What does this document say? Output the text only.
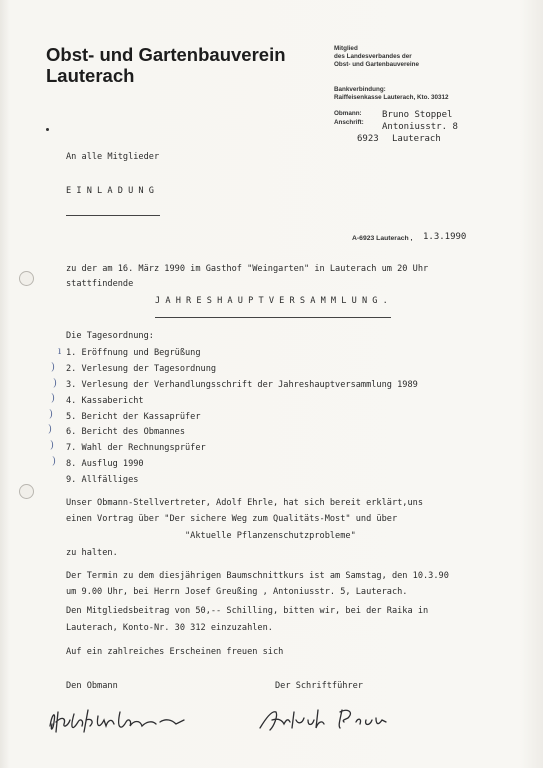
Obst- und Gartenbauverein
Lauterach
Mitglied
des Landesverbandes der
Obst- und Gartenbauvereine
Bankverbindung:
Raiffeisenkasse Lauterach, Kto. 30312
Obmann:
Anschrift:
Bruno Stoppel
Antoniusstr. 8
6923 Lauterach
An alle Mitglieder
E I N L A D U N G
A-6923 Lauterach , 1.3.1990
zu der am 16. März 1990 im Gasthof "Weingarten" in Lauterach um 20 Uhr
stattfindende
J A H R E S H A U P T V E R S A M M L U N G .
Die Tagesordnung:
1. Eröffnung und Begrüßung
2. Verlesung der Tagesordnung
3. Verlesung der Verhandlungsschrift der Jahreshauptversammlung 1989
4. Kassabericht
5. Bericht der Kassaprüfer
6. Bericht des Obmannes
7. Wahl der Rechnungsprüfer
8. Ausflug 1990
9. Allfälliges
ı
)
)
)
)
)
)
)
Unser Obmann-Stellvertreter, Adolf Ehrle, hat sich bereit erklärt,uns
einen Vortrag über "Der sichere Weg zum Qualitäts-Most" und über
"Aktuelle Pflanzenschutzprobleme"
zu halten.
Der Termin zu dem diesjährigen Baumschnittkurs ist am Samstag, den 10.3.90
um 9.00 Uhr, bei Herrn Josef Greußing , Antoniusstr. 5, Lauterach.
Den Mitgliedsbeitrag von 50,-- Schilling, bitten wir, bei der Raika in
Lauterach, Konto-Nr. 30 312 einzuzahlen.
Auf ein zahlreiches Erscheinen freuen sich
Den Obmann	Der Schriftführer
